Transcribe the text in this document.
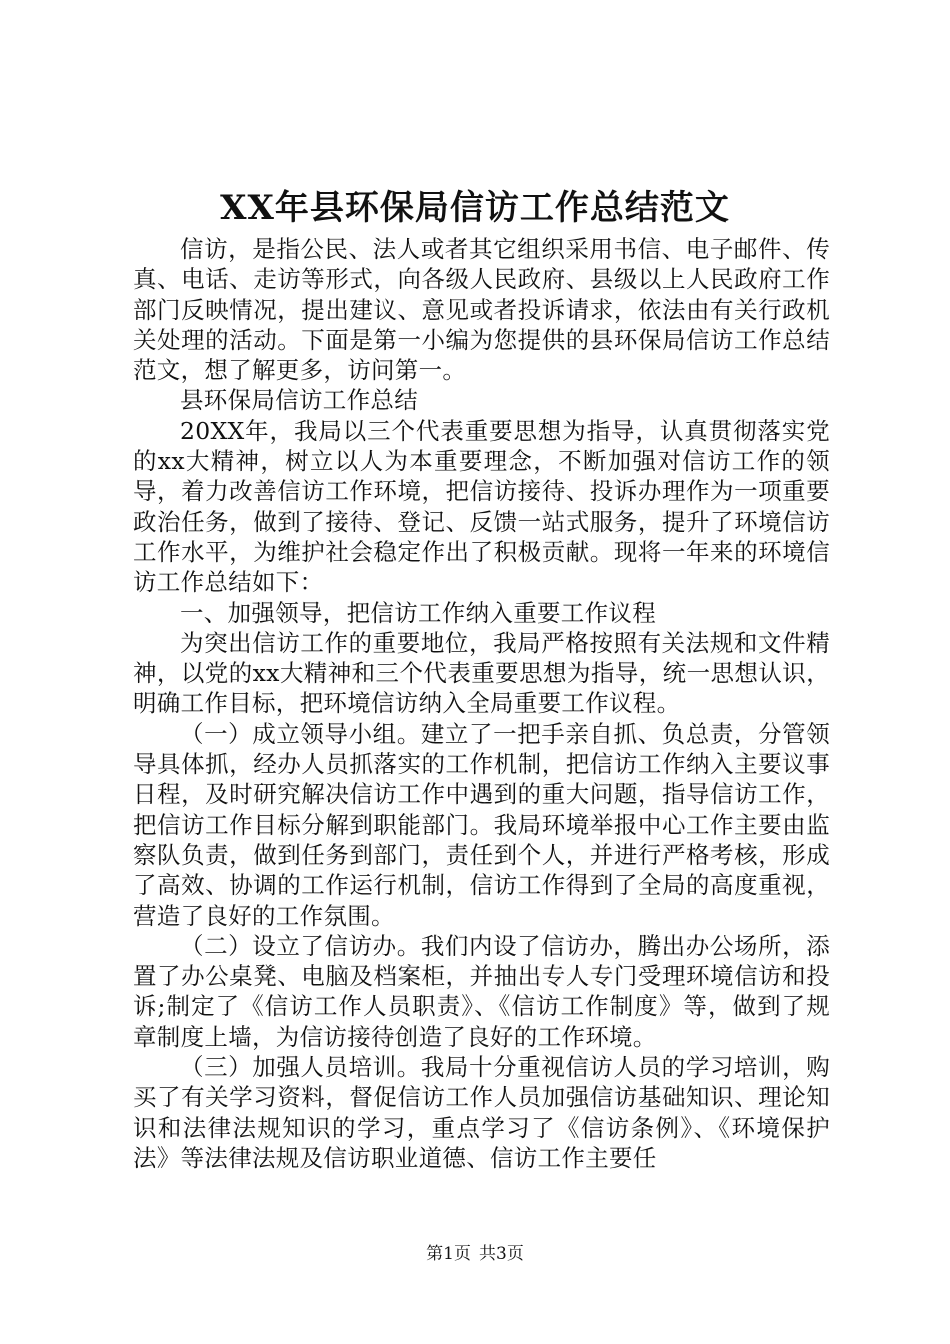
XX年县环保局信访工作总结范文

信访，是指公民、法人或者其它组织采用书信、电子邮件、传真、电话、走访等形式，向各级人民政府、县级以上人民政府工作部门反映情况，提出建议、意见或者投诉请求，依法由有关行政机关处理的活动。下面是第一小编为您提供的县环保局信访工作总结范文，想了解更多，访问第一。

县环保局信访工作总结

20XX年，我局以三个代表重要思想为指导，认真贯彻落实党的xx大精神，树立以人为本重要理念，不断加强对信访工作的领导，着力改善信访工作环境，把信访接待、投诉办理作为一项重要政治任务，做到了接待、登记、反馈一站式服务，提升了环境信访工作水平，为维护社会稳定作出了积极贡献。现将一年来的环境信访工作总结如下：

一、加强领导，把信访工作纳入重要工作议程

为突出信访工作的重要地位，我局严格按照有关法规和文件精神，以党的xx大精神和三个代表重要思想为指导，统一思想认识，明确工作目标，把环境信访纳入全局重要工作议程。

（一）成立领导小组。建立了一把手亲自抓、负总责，分管领导具体抓，经办人员抓落实的工作机制，把信访工作纳入主要议事日程，及时研究解决信访工作中遇到的重大问题，指导信访工作，把信访工作目标分解到职能部门。我局环境举报中心工作主要由监察队负责，做到任务到部门，责任到个人，并进行严格考核，形成了高效、协调的工作运行机制，信访工作得到了全局的高度重视，营造了良好的工作氛围。

（二）设立了信访办。我们内设了信访办，腾出办公场所，添置了办公桌凳、电脑及档案柜，并抽出专人专门受理环境信访和投诉;制定了《信访工作人员职责》、《信访工作制度》等，做到了规章制度上墙，为信访接待创造了良好的工作环境。

（三）加强人员培训。我局十分重视信访人员的学习培训，购买了有关学习资料，督促信访工作人员加强信访基础知识、理论知识和法律法规知识的学习，重点学习了《信访条例》、《环境保护法》等法律法规及信访职业道德、信访工作主要任

第1页 共3页
